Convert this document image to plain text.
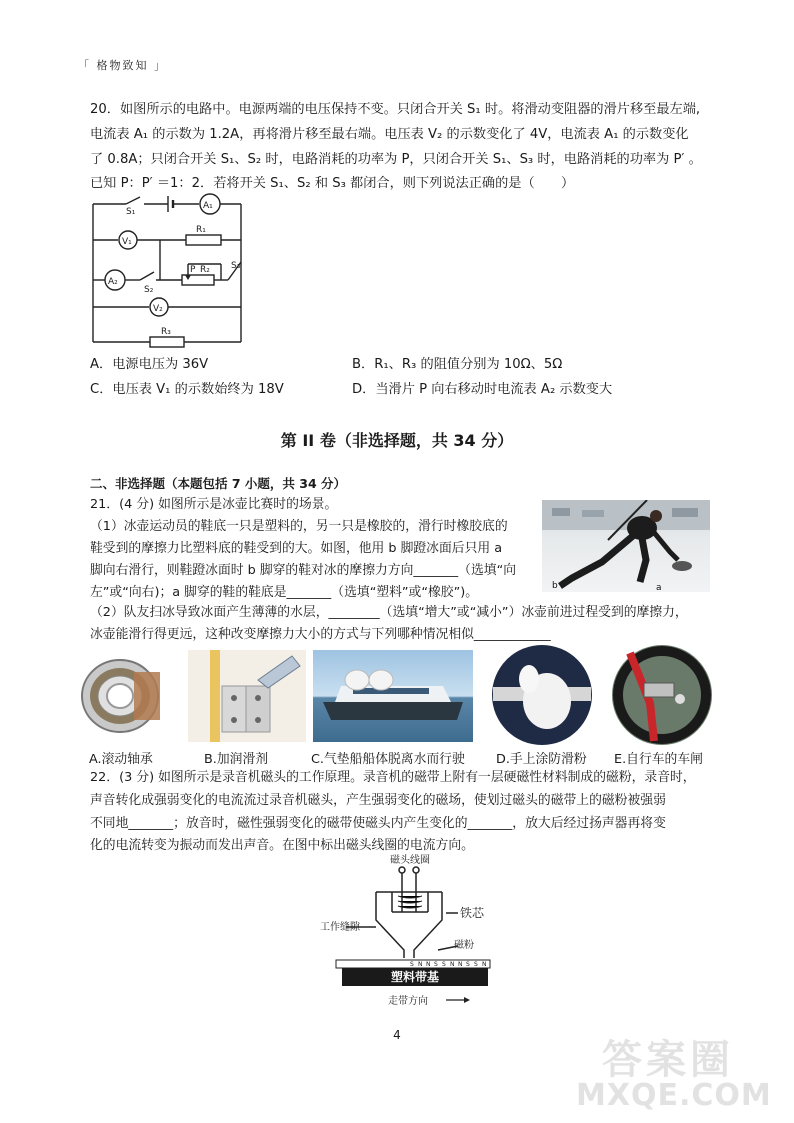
「 格物致知 」
20．如图所示的电路中。电源两端的电压保持不变。只闭合开关 S₁ 时。将滑动变阻器的滑片移至最左端,
电流表 A₁ 的示数为 1.2A，再将滑片移至最右端。电压表 V₂ 的示数变化了 4V，电流表 A₁ 的示数变化
了 0.8A；只闭合开关 S₁、S₂ 时，电路消耗的功率为 P，只闭合开关 S₁、S₃ 时，电路消耗的功率为 P′ 。
已知 P：P′ ＝1：2．若将开关 S₁、S₂ 和 S₃ 都闭合，则下列说法正确的是（　　）
S₁
A₁
V₁
R₁
P R₂ S₃
A₂
S₂
V₂
R₃
A．电源电压为 36V	B．R₁、R₃ 的阻值分别为 10Ω、5Ω
C．电压表 V₁ 的示数始终为 18V	D．当滑片 P 向右移动时电流表 A₂ 示数变大
第 II 卷（非选择题，共 34 分）
二、非选择题（本题包括 7 小题，共 34 分）
21．(4 分) 如图所示是冰壶比赛时的场景。
（1）冰壶运动员的鞋底一只是塑料的，另一只是橡胶的，滑行时橡胶底的
鞋受到的摩擦力比塑料底的鞋受到的大。如图，他用 b 脚蹬冰面后只用 a
脚向右滑行，则鞋蹬冰面时 b 脚穿的鞋对冰的摩擦力方向_______（选填“向
左”或“向右)；a 脚穿的鞋的鞋底是_______（选填“塑料”或“橡胶”)。
（2）队友扫冰导致冰面产生薄薄的水层，________（选填“增大”或“减小”）冰壶前进过程受到的摩擦力，
冰壶能滑行得更远，这种改变摩擦力大小的方式与下列哪种情况相似____________
b	a
A.滚动轴承	B.加润滑剂	C.气垫船船体脱离水而行驶 D.手上涂防滑粉 E.自行车的车闸
22．(3 分) 如图所示是录音机磁头的工作原理。录音机的磁带上附有一层硬磁性材料制成的磁粉，录音时，
声音转化成强弱变化的电流流过录音机磁头，产生强弱变化的磁场，使划过磁头的磁带上的磁粉被强弱
不同地_______；放音时，磁性强弱变化的磁带使磁头内产生变化的_______，放大后经过扬声器再将变
化的电流转变为振动而发出声音。在图中标出磁头线圈的电流方向。
S N N S S N N S S N
塑料带基
磁头线圈
铁芯
工作缝隙
磁粉
走带方向
4
答案圈
MXQE.COM
